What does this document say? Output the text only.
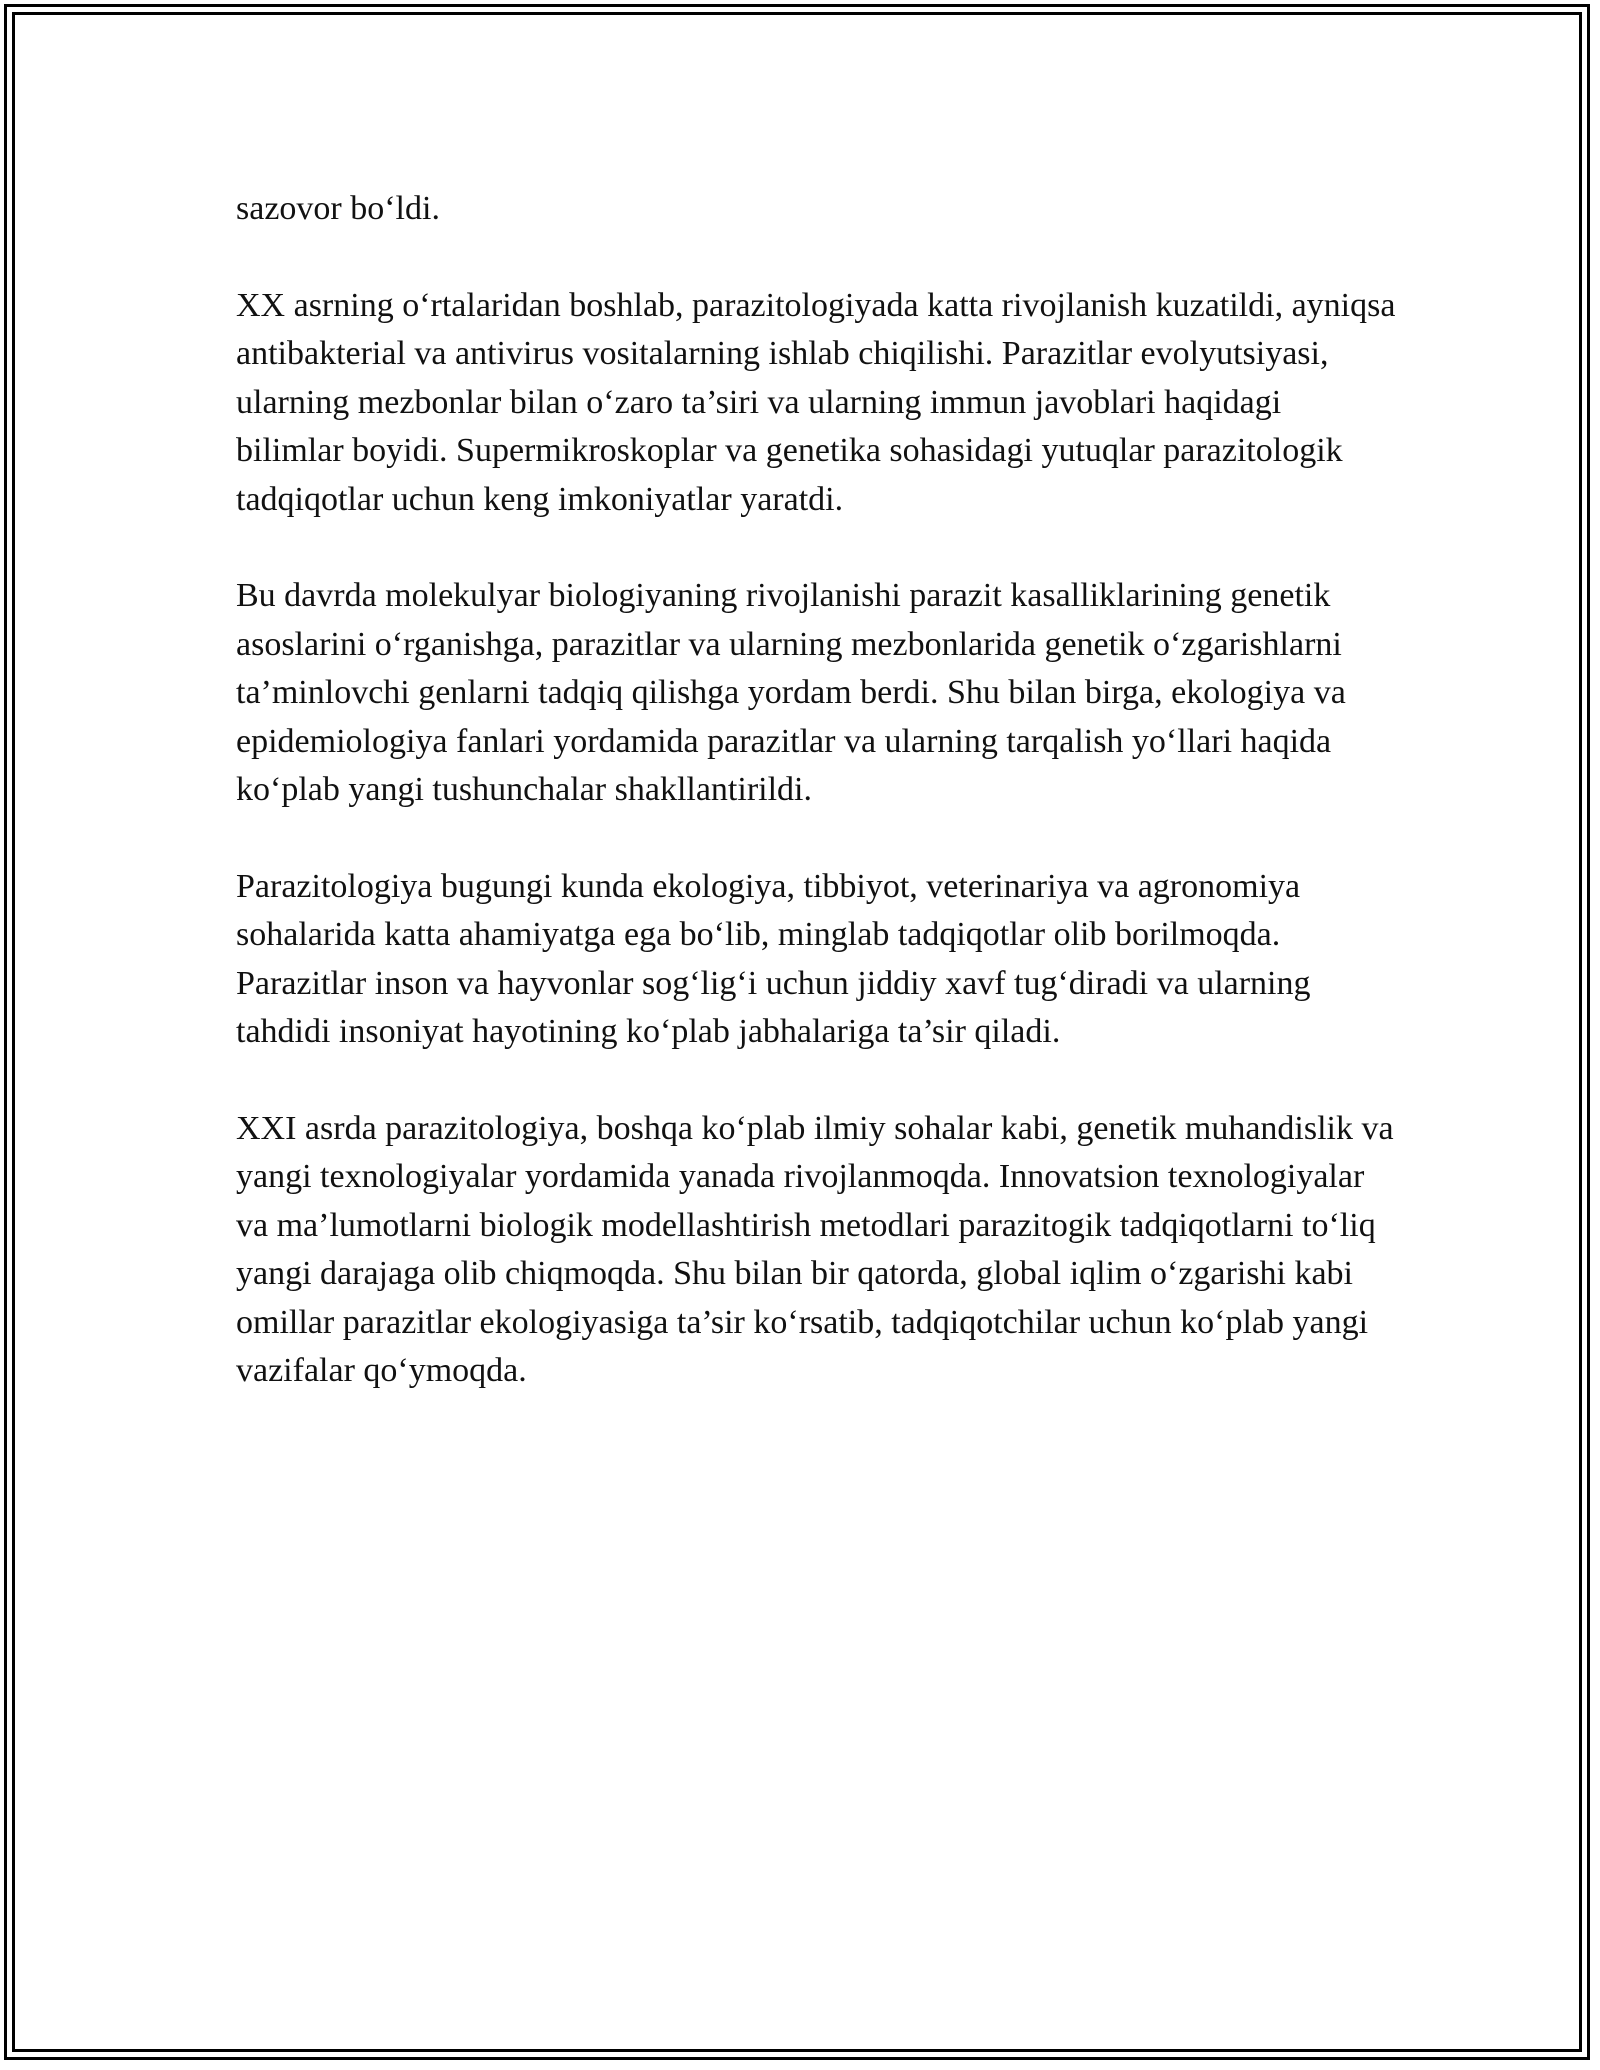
sazovor bo‘ldi.

XX asrning o‘rtalaridan boshlab, parazitologiyada katta rivojlanish kuzatildi, ayniqsa antibakterial va antivirus vositalarning ishlab chiqilishi. Parazitlar evolyutsiyasi, ularning mezbonlar bilan o‘zaro ta’siri va ularning immun javoblari haqidagi bilimlar boyidi. Supermikroskoplar va genetika sohasidagi yutuqlar parazitologik tadqiqotlar uchun keng imkoniyatlar yaratdi.

Bu davrda molekulyar biologiyaning rivojlanishi parazit kasalliklarining genetik asoslarini o‘rganishga, parazitlar va ularning mezbonlarida genetik o‘zgarishlarni ta’minlovchi genlarni tadqiq qilishga yordam berdi. Shu bilan birga, ekologiya va epidemiologiya fanlari yordamida parazitlar va ularning tarqalish yo‘llari haqida ko‘plab yangi tushunchalar shakllantirildi.

Parazitologiya bugungi kunda ekologiya, tibbiyot, veterinariya va agronomiya sohalarida katta ahamiyatga ega bo‘lib, minglab tadqiqotlar olib borilmoqda. Parazitlar inson va hayvonlar sog‘lig‘i uchun jiddiy xavf tug‘diradi va ularning tahdidi insoniyat hayotining ko‘plab jabhalariga ta’sir qiladi.

XXI asrda parazitologiya, boshqa ko‘plab ilmiy sohalar kabi, genetik muhandislik va yangi texnologiyalar yordamida yanada rivojlanmoqda. Innovatsion texnologiyalar va ma’lumotlarni biologik modellashtirish metodlari parazitogik tadqiqotlarni to‘liq yangi darajaga olib chiqmoqda. Shu bilan bir qatorda, global iqlim o‘zgarishi kabi omillar parazitlar ekologiyasiga ta’sir ko‘rsatib, tadqiqotchilar uchun ko‘plab yangi vazifalar qo‘ymoqda.
